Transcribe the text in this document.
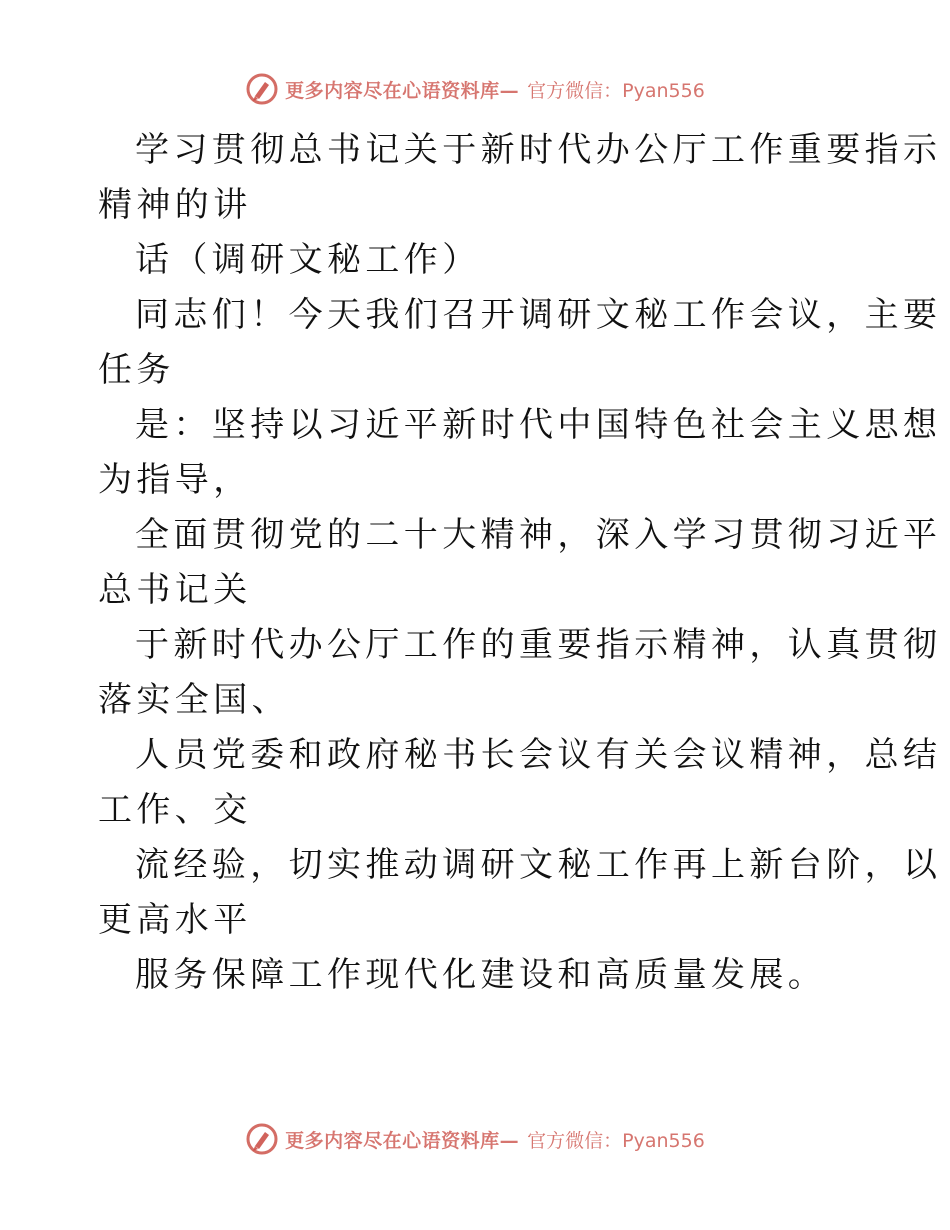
更多内容尽在心语资料库— 官方微信：Pyan556

学习贯彻总书记关于新时代办公厅工作重要指示
精神的讲

话（调研文秘工作）

同志们！今天我们召开调研文秘工作会议，主要
任务

是：坚持以习近平新时代中国特色社会主义思想
为指导，

全面贯彻党的二十大精神，深入学习贯彻习近平
总书记关

于新时代办公厅工作的重要指示精神，认真贯彻
落实全国、

人员党委和政府秘书长会议有关会议精神，总结
工作、交

流经验，切实推动调研文秘工作再上新台阶，以
更高水平

服务保障工作现代化建设和高质量发展。

更多内容尽在心语资料库— 官方微信：Pyan556
